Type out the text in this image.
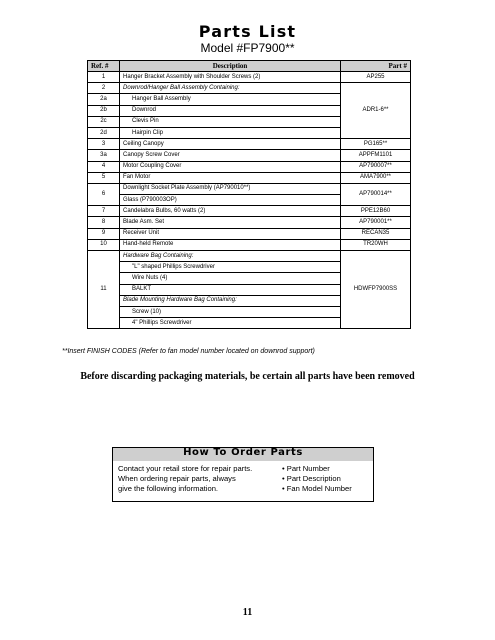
Parts List
Model #FP7900**
Ref. #	Description	Part #
1	Hanger Bracket Assembly with Shoulder Screws (2)	AP255
2	Downrod/Hanger Ball Assembly Containing:	ADR1-6**
2a	Hanger Ball Assembly	
2b	Downrod	
2c	Clevis Pin	
2d	Hairpin Clip	
3	Ceiling Canopy	PG165**
3a	Canopy Screw Cover	APPFM1101
4	Motor Coupling Cover	AP790007**
5	Fan Motor	AMA7900**
6	Downlight Socket Plate Assembly (AP790010**)	AP790014**
	Glass (P790003OP)	
7	Candelabra Bulbs, 60 watts (2)	PPE12B60
8	Blade Asm. Set	AP790001**
9	Receiver Unit	RECAN35
10	Hand-held Remote	TR20WH
11	Hardware Bag Containing:	HDWFP7900SS
	"L" shaped Phillips Screwdriver	
	Wire Nuts (4)	
	BALKT	
	Blade Mounting Hardware Bag Containing:	
	Screw (10)	
	4" Phillips Screwdriver	
**Insert FINISH CODES (Refer to fan model number located on downrod support)
Before discarding packaging materials, be certain all parts have been removed
How To Order Parts
Contact your retail store for repair parts.
When ordering repair parts, always
give the following information.
• Part Number
• Part Description
• Fan Model Number
11
